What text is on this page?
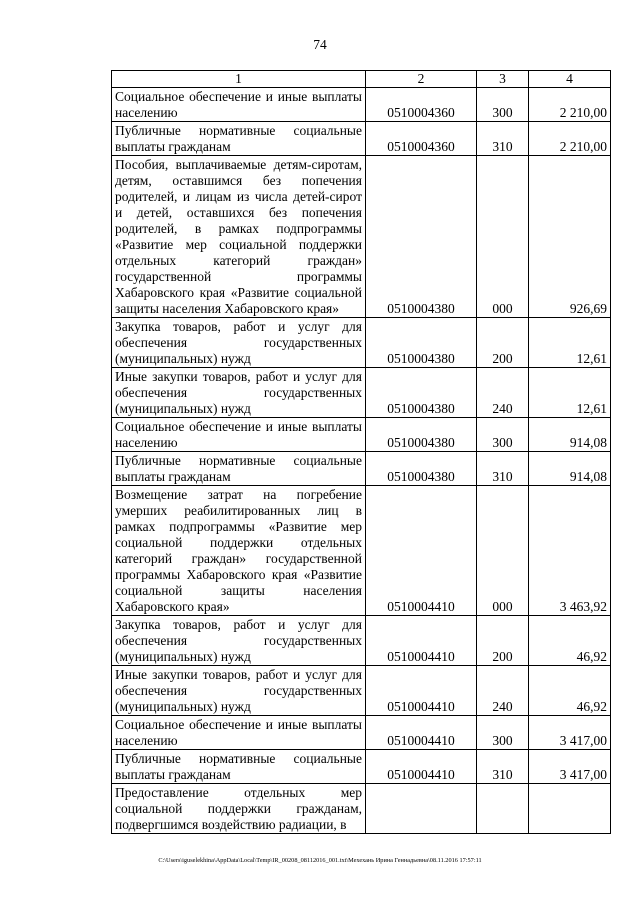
74
1	2	3	4
Социальное обеспечение и иные выплаты населению	0510004360	300	2 210,00
Публичные нормативные социальные выплаты гражданам	0510004360	310	2 210,00
Пособия, выплачиваемые детям-сиротам, детям, оставшимся без попечения родителей, и лицам из числа детей-сирот и детей, оставшихся без попечения родителей, в рамках подпрограммы «Развитие мер социальной поддержки отдельных категорий граждан» государственной программы Хабаровского края «Развитие социальной защиты населения Хабаровского края»	0510004380	000	926,69
Закупка товаров, работ и услуг для обеспечения государственных (муниципальных) нужд	0510004380	200	12,61
Иные закупки товаров, работ и услуг для обеспечения государственных (муниципальных) нужд	0510004380	240	12,61
Социальное обеспечение и иные выплаты населению	0510004380	300	914,08
Публичные нормативные социальные выплаты гражданам	0510004380	310	914,08
Возмещение затрат на погребение умерших реабилитированных лиц в рамках подпрограммы «Развитие мер социальной поддержки отдельных категорий граждан» государственной программы Хабаровского края «Развитие социальной защиты населения Хабаровского края»	0510004410	000	3 463,92
Закупка товаров, работ и услуг для обеспечения государственных (муниципальных) нужд	0510004410	200	46,92
Иные закупки товаров, работ и услуг для обеспечения государственных (муниципальных) нужд	0510004410	240	46,92
Социальное обеспечение и иные выплаты населению	0510004410	300	3 417,00
Публичные нормативные социальные выплаты гражданам	0510004410	310	3 417,00
Предоставление отдельных мер социальной поддержки гражданам, подвергшимся воздействию радиации, в			
C:\Users\iguselekhina\AppData\Local\Temp\IR_00208_08112016_001.txt\Мехехань Ирина Геннадьевна\08.11.2016 17:57:11
